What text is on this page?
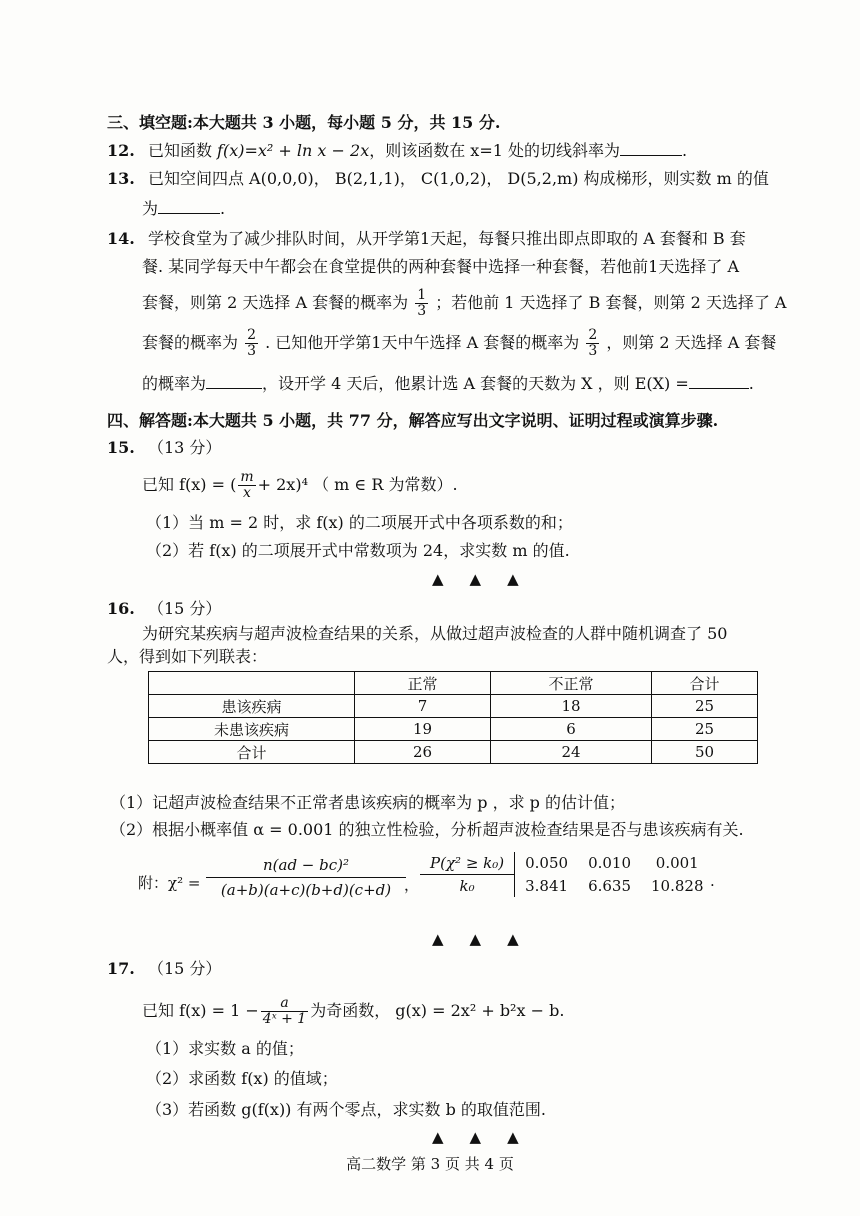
三、填空题:本大题共 3 小题，每小题 5 分，共 15 分.
12. 已知函数 f(x)=x² + ln x − 2x，则该函数在 x=1 处的切线斜率为	.
13. 已知空间四点 A(0,0,0)， B(2,1,1)， C(1,0,2)， D(5,2,m) 构成梯形，则实数 m 的值
为	.
14. 学校食堂为了减少排队时间，从开学第1天起，每餐只推出即点即取的 A 套餐和 B 套
餐. 某同学每天中午都会在食堂提供的两种套餐中选择一种套餐，若他前1天选择了 A
套餐，则第 2 天选择 A 套餐的概率为 $\frac{1}{3}$ ；若他前 1 天选择了 B 套餐，则第 2 天选择了 A
套餐的概率为 $\frac{2}{3}$ . 已知他开学第1天中午选择 A 套餐的概率为 $\frac{2}{3}$ ，则第 2 天选择 A 套餐
的概率为	，设开学 4 天后，他累计选 A 套餐的天数为 X ，则 E(X) =	.
四、解答题:本大题共 5 小题，共 77 分，解答应写出文字说明、证明过程或演算步骤.
15. （13 分）
已知 f(x) = ( $\frac{m}{x} + 2x)^4$ （ m ∈ R 为常数）.
（1）当 m = 2 时，求 f(x) 的二项展开式中各项系数的和；
（2）若 f(x) 的二项展开式中常数项为 24，求实数 m 的值.
▲▲▲
16. （15 分）
为研究某疾病与超声波检查结果的关系，从做过超声波检查的人群中随机调查了 50
人，得到如下列联表：
	正常	不正常	合计
患该疾病	7	18	25
未患该疾病	19	6	25
合计	26	24	50
（1）记超声波检查结果不正常者患该疾病的概率为 p ，求 p 的估计值；
（2）根据小概率值 α = 0.001 的独立性检验，分析超声波检查结果是否与患该疾病有关.
附：$\chi^2 = \frac{\text{n(ad − bc)²}}{(a+b)(a+c)(b+d)(c+d)}$
，
P(χ² ≥ k₀)	0.050	0.010	0.001
k₀	3.841	6.635	10.828 .
▲▲▲
17. （15 分）
已知 $f(x) = 1 - \frac{a}{\text{4ˣ + 1}}$ 为奇函数， g(x) = 2x² + b²x − b.
（1）求实数 a 的值；
（2）求函数 f(x) 的值域；
（3）若函数 g(f(x)) 有两个零点，求实数 b 的取值范围.
▲▲▲
高二数学 第 3 页 共 4 页
